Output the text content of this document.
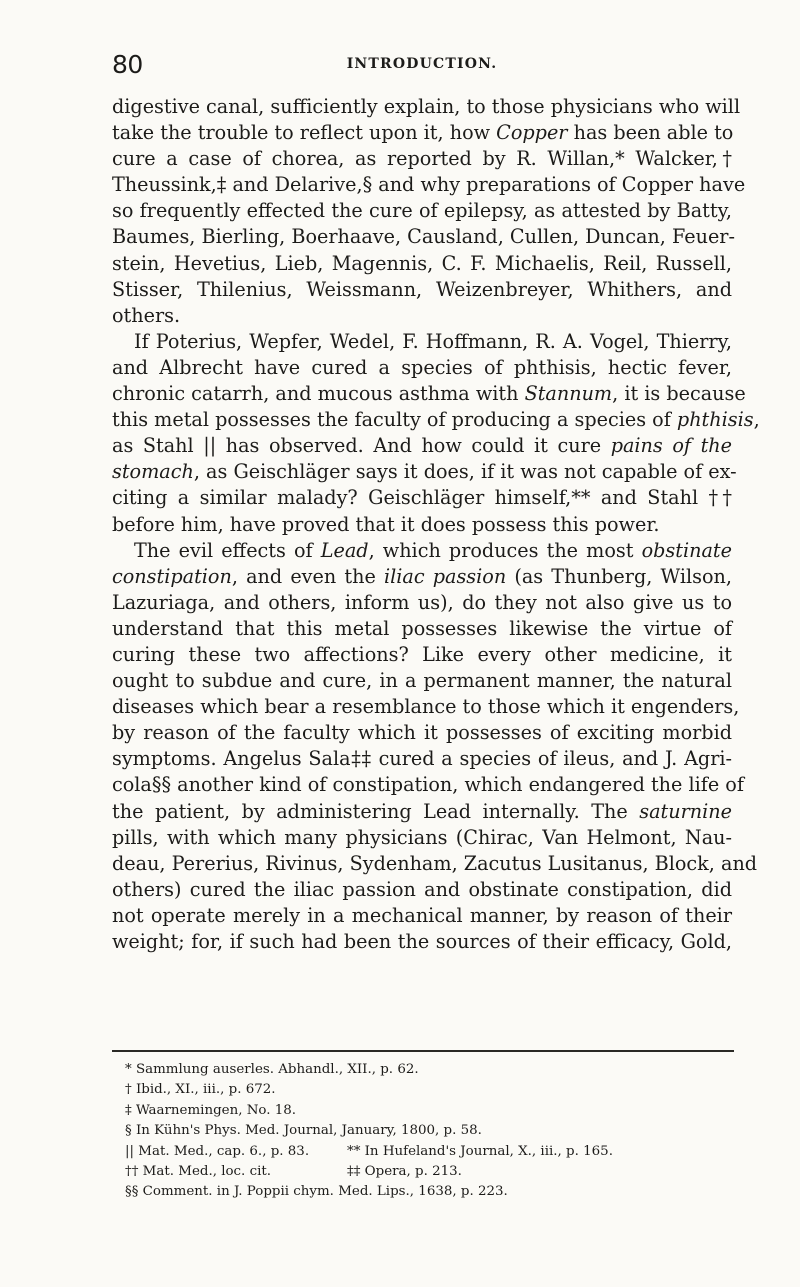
80	INTRODUCTION.

digestive canal, sufficiently explain, to those physicians who will
take the trouble to reflect upon it, how Copper has been able to
cure a case of chorea, as reported by R. Willan,* Walcker,†
Theussink,‡ and Delarive,§ and why preparations of Copper have
so frequently effected the cure of epilepsy, as attested by Batty,
Baumes, Bierling, Boerhaave, Causland, Cullen, Duncan, Feuer-
stein, Hevetius, Lieb, Magennis, C. F. Michaelis, Reil, Russell,
Stisser, Thilenius, Weissmann, Weizenbreyer, Whithers, and
others.

If Poterius, Wepfer, Wedel, F. Hoffmann, R. A. Vogel, Thierry,
and Albrecht have cured a species of phthisis, hectic fever,
chronic catarrh, and mucous asthma with Stannum, it is because
this metal possesses the faculty of producing a species of phthisis,
as Stahl || has observed. And how could it cure pains of the
stomach, as Geischläger says it does, if it was not capable of ex-
citing a similar malady? Geischläger himself,** and Stahl ††
before him, have proved that it does possess this power.

The evil effects of Lead, which produces the most obstinate
constipation, and even the iliac passion (as Thunberg, Wilson,
Lazuriaga, and others, inform us), do they not also give us to
understand that this metal possesses likewise the virtue of
curing these two affections? Like every other medicine, it
ought to subdue and cure, in a permanent manner, the natural
diseases which bear a resemblance to those which it engenders,
by reason of the faculty which it possesses of exciting morbid
symptoms. Angelus Sala‡‡ cured a species of ileus, and J. Agri-
cola§§ another kind of constipation, which endangered the life of
the patient, by administering Lead internally. The saturnine
pills, with which many physicians (Chirac, Van Helmont, Nau-
deau, Pererius, Rivinus, Sydenham, Zacutus Lusitanus, Block, and
others) cured the iliac passion and obstinate constipation, did
not operate merely in a mechanical manner, by reason of their
weight; for, if such had been the sources of their efficacy, Gold,

* Sammlung auserles. Abhandl., XII., p. 62.
† Ibid., XI., iii., p. 672.
‡ Waarnemingen, No. 18.
§ In Kühn's Phys. Med. Journal, January, 1800, p. 58.
|| Mat. Med., cap. 6., p. 83.	** In Hufeland's Journal, X., iii., p. 165.
†† Mat. Med., loc. cit.	‡‡ Opera, p. 213.
§§ Comment. in J. Poppii chym. Med. Lips., 1638, p. 223.
